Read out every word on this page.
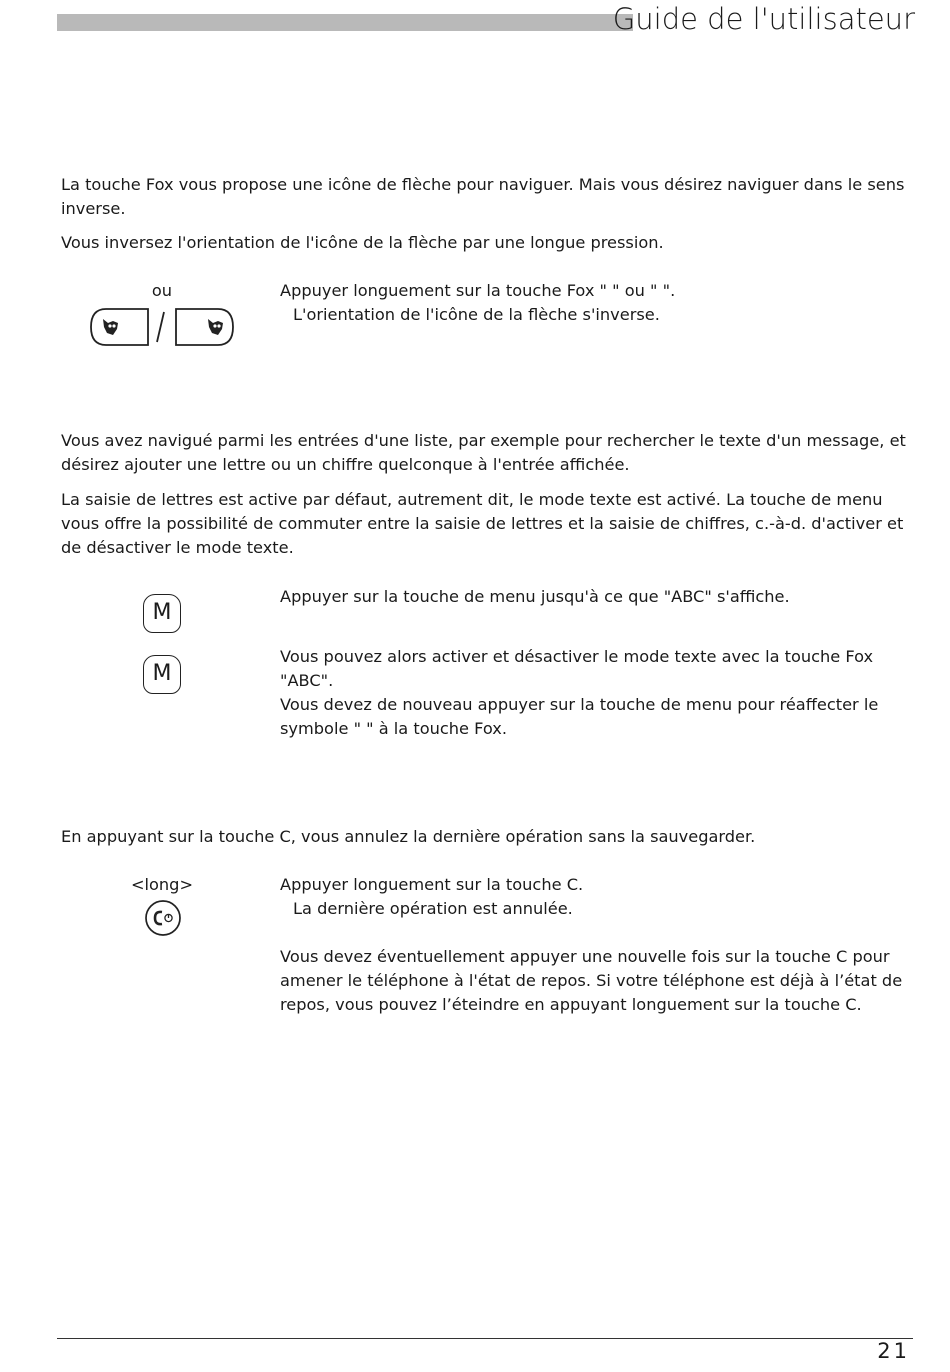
Guide de l'utilisateur

La touche Fox vous propose une icône de flèche pour naviguer. Mais vous désirez naviguer dans le sens inverse.

Vous inversez l'orientation de l'icône de la flèche par une longue pression.

ou	Appuyer longuement sur la touche Fox " " ou " ".
L'orientation de l'icône de la flèche s'inverse.

Vous avez navigué parmi les entrées d'une liste, par exemple pour rechercher le texte d'un message, et désirez ajouter une lettre ou un chiffre quelconque à l'entrée affichée.

La saisie de lettres est active par défaut, autrement dit, le mode texte est activé. La touche de menu vous offre la possibilité de commuter entre la saisie de lettres et la saisie de chiffres, c.-à-d. d'activer et de désactiver le mode texte.

M
Appuyer sur la touche de menu jusqu'à ce que "ABC" s'affiche.
M
Vous pouvez alors activer et désactiver le mode texte avec la touche Fox "ABC".
Vous devez de nouveau appuyer sur la touche de menu pour réaffecter le symbole " " à la touche Fox.

En appuyant sur la touche C, vous annulez la dernière opération sans la sauvegarder.

<long>	Appuyer longuement sur la touche C.
La dernière opération est annulée.
Vous devez éventuellement appuyer une nouvelle fois sur la touche C pour amener le téléphone à l'état de repos. Si votre téléphone est déjà à l’état de repos, vous pouvez l’éteindre en appuyant longuement sur la touche C.
21
